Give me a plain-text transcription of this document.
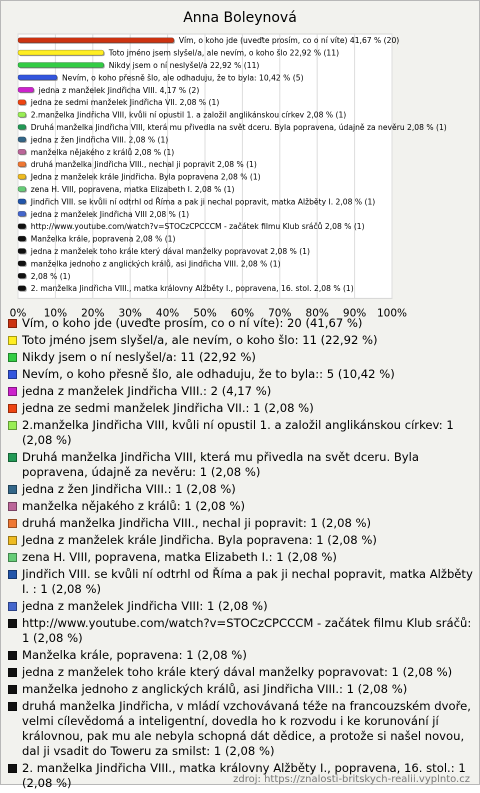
Anna Boleynová
0% 10% 20% 30% 40% 50% 60% 70% 80% 90% 100%
Vím, o koho jde (uveďte prosím, co o ní víte) 41,67 % (20)
Toto jméno jsem slyšel/a, ale nevím, o koho šlo 22,92 % (11)
Nikdy jsem o ní neslyšel/a 22,92 % (11)
Nevím, o koho přesně šlo, ale odhaduju, že to byla: 10,42 % (5)
jedna z manželek Jindřicha VIII. 4,17 % (2)
jedna ze sedmi manželek Jindřicha VII. 2,08 % (1)
2.manželka Jindřicha VIII, kvůli ní opustil 1. a založil anglikánskou církev 2,08 % (1)
Druhá manželka Jindřicha VIII, která mu přivedla na svět dceru. Byla popravena, údajně za nevěru 2,08 % (1)
jedna z žen Jindřicha VIII. 2,08 % (1)
manželka nějakého z králů 2,08 % (1)
druhá manželka Jindřicha VIII., nechal ji popravit 2,08 % (1)
Jedna z manželek krále Jindřicha. Byla popravena 2,08 % (1)
zena H. VIII, popravena, matka Elizabeth I. 2,08 % (1)
Jindřich VIII. se kvůli ní odtrhl od Říma a pak ji nechal popravit, matka Alžběty I. 2,08 % (1)
jedna z manželek Jindřicha VIII 2,08 % (1)
http://www.youtube.com/watch?v=STOCzCPCCCM - začátek filmu Klub sráčů 2,08 % (1)
Manželka krále, popravena 2,08 % (1)
jedna z manželek toho krále který dával manželky popravovat 2,08 % (1)
manželka jednoho z anglických králů, asi Jindřicha VIII. 2,08 % (1)
2,08 % (1)
2. manželka Jindřicha VIII., matka královny Alžběty I., popravena, 16. stol. 2,08 % (1)
Vím, o koho jde (uveďte prosím, co o ní víte): 20 (41,67 %)
Toto jméno jsem slyšel/a, ale nevím, o koho šlo: 11 (22,92 %)
Nikdy jsem o ní neslyšel/a: 11 (22,92 %)
Nevím, o koho přesně šlo, ale odhaduju, že to byla:: 5 (10,42 %)
jedna z manželek Jindřicha VIII.: 2 (4,17 %)
jedna ze sedmi manželek Jindřicha VII.: 1 (2,08 %)
2.manželka Jindřicha VIII, kvůli ní opustil 1. a založil anglikánskou církev: 1 (2,08 %)
Druhá manželka Jindřicha VIII, která mu přivedla na svět dceru. Byla popravena, údajně za nevěru: 1 (2,08 %)
jedna z žen Jindřicha VIII.: 1 (2,08 %)
manželka nějakého z králů: 1 (2,08 %)
druhá manželka Jindřicha VIII., nechal ji popravit: 1 (2,08 %)
Jedna z manželek krále Jindřicha. Byla popravena: 1 (2,08 %)
zena H. VIII, popravena, matka Elizabeth I.: 1 (2,08 %)
Jindřich VIII. se kvůli ní odtrhl od Říma a pak ji nechal popravit, matka Alžběty I. : 1 (2,08 %)
jedna z manželek Jindřicha VIII: 1 (2,08 %)
http://www.youtube.com/watch?v=STOCzCPCCCM - začátek filmu Klub sráčů: 1 (2,08 %)
Manželka krále, popravena: 1 (2,08 %)
jedna z manželek toho krále který dával manželky popravovat: 1 (2,08 %)
manželka jednoho z anglických králů, asi Jindřicha VIII.: 1 (2,08 %)
druhá manželka Jindřicha, v mládí vzchovávaná téže na francouzském dvoře, velmi cílevědomá a inteligentní, dovedla ho k rozvodu i ke korunování jí královnou, pak mu ale nebyla schopná dát dědice, a protože si našel novou, dal ji vsadit do Toweru za smilst: 1 (2,08 %)
2. manželka Jindřicha VIII., matka královny Alžběty I., popravena, 16. stol.: 1 (2,08 %)	zdroj: https://znalosti-britskych-realii.vyplnto.cz
